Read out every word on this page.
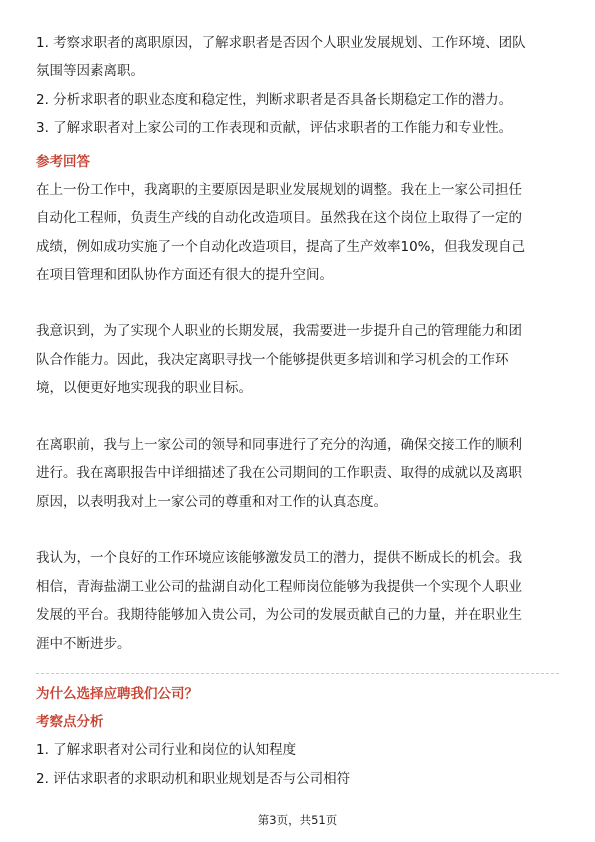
1. 考察求职者的离职原因，了解求职者是否因个人职业发展规划、工作环境、团队
氛围等因素离职。
2. 分析求职者的职业态度和稳定性，判断求职者是否具备长期稳定工作的潜力。
3. 了解求职者对上家公司的工作表现和贡献，评估求职者的工作能力和专业性。
参考回答
在上一份工作中，我离职的主要原因是职业发展规划的调整。我在上一家公司担任
自动化工程师，负责生产线的自动化改造项目。虽然我在这个岗位上取得了一定的
成绩，例如成功实施了一个自动化改造项目，提高了生产效率10%，但我发现自己
在项目管理和团队协作方面还有很大的提升空间。
我意识到，为了实现个人职业的长期发展，我需要进一步提升自己的管理能力和团
队合作能力。因此，我决定离职寻找一个能够提供更多培训和学习机会的工作环
境，以便更好地实现我的职业目标。
在离职前，我与上一家公司的领导和同事进行了充分的沟通，确保交接工作的顺利
进行。我在离职报告中详细描述了我在公司期间的工作职责、取得的成就以及离职
原因，以表明我对上一家公司的尊重和对工作的认真态度。
我认为，一个良好的工作环境应该能够激发员工的潜力，提供不断成长的机会。我
相信，青海盐湖工业公司的盐湖自动化工程师岗位能够为我提供一个实现个人职业
发展的平台。我期待能够加入贵公司，为公司的发展贡献自己的力量，并在职业生
涯中不断进步。
为什么选择应聘我们公司？
考察点分析
1. 了解求职者对公司行业和岗位的认知程度
2. 评估求职者的求职动机和职业规划是否与公司相符
第3页，共51页
